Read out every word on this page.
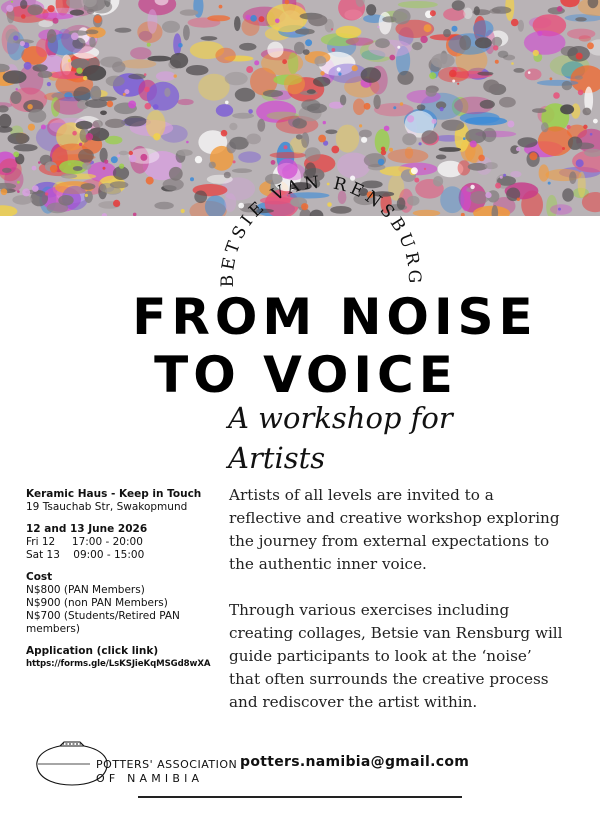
BETSIE VAN RENSBURG
FROM NOISE
TO VOICE
A workshop for
Artists
Keramic Haus - Keep in Touch
19 Tsauchab Str, Swakopmund
12 and 13 June 2026
Fri 12     17:00 - 20:00
Sat 13    09:00 - 15:00
Cost
N$800 (PAN Members)
N$900 (non PAN Members)
N$700 (Students/Retired PAN members)
Application (click link)
https://forms.gle/LsKSJieKqMSGd8wXA

Artists of all levels are invited to a reflective and creative workshop exploring the journey from external expectations to the authentic inner voice.

Through various exercises including creating collages, Betsie van Rensburg will guide participants to look at the ‘noise’ that often surrounds the creative process and rediscover the artist within.

POTTERS' ASSOCIATION
OF NAMIBIA
potters.namibia@gmail.com
